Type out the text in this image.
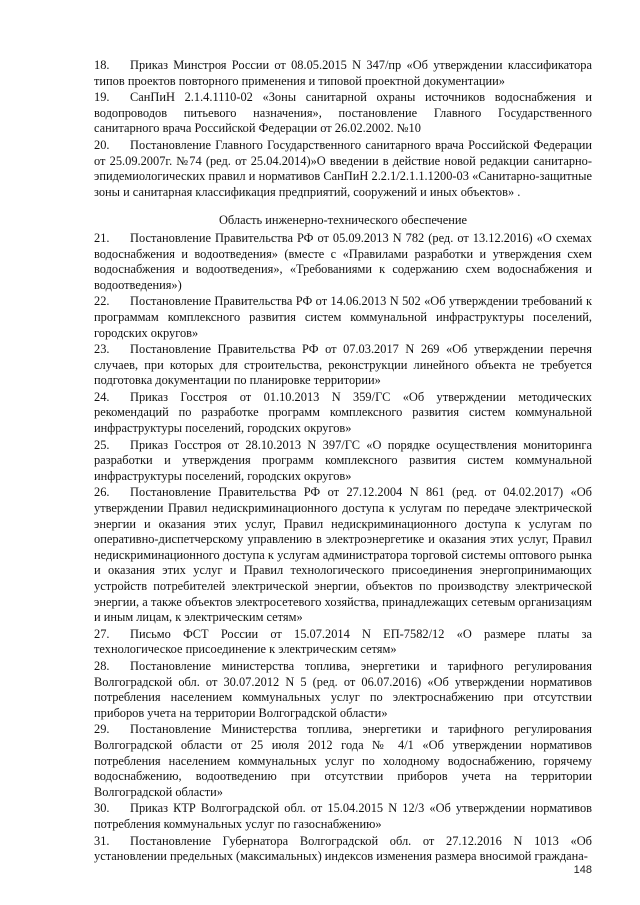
18. Приказ Минстроя России от 08.05.2015 N 347/пр «Об утверждении классификатора типов проектов повторного применения и типовой проектной документации»
19. СанПиН 2.1.4.1110-02 «Зоны санитарной охраны источников водоснабжения и водопроводов питьевого назначения», постановление Главного Государственного санитарного врача Российской Федерации от 26.02.2002. №10
20. Постановление Главного Государственного санитарного врача Российской Федерации от 25.09.2007г. №74 (ред. от 25.04.2014)»О введении в действие новой редакции санитарно-эпидемиологических правил и нормативов СанПиН 2.2.1/2.1.1.1200-03 «Санитарно-защитные зоны и санитарная классификация предприятий, сооружений и иных объектов» .
Область инженерно-технического обеспечение
21. Постановление Правительства РФ от 05.09.2013 N 782 (ред. от 13.12.2016) «О схемах водоснабжения и водоотведения» (вместе с «Правилами разработки и утверждения схем водоснабжения и водоотведения», «Требованиями к содержанию схем водоснабжения и водоотведения»)
22. Постановление Правительства РФ от 14.06.2013 N 502 «Об утверждении требований к программам комплексного развития систем коммунальной инфраструктуры поселений, городских округов»
23. Постановление Правительства РФ от 07.03.2017 N 269 «Об утверждении перечня случаев, при которых для строительства, реконструкции линейного объекта не требуется подготовка документации по планировке территории»
24. Приказ Госстроя от 01.10.2013 N 359/ГС «Об утверждении методических рекомендаций по разработке программ комплексного развития систем коммунальной инфраструктуры поселений, городских округов»
25. Приказ Госстроя от 28.10.2013 N 397/ГС «О порядке осуществления мониторинга разработки и утверждения программ комплексного развития систем коммунальной инфраструктуры поселений, городских округов»
26. Постановление Правительства РФ от 27.12.2004 N 861 (ред. от 04.02.2017) «Об утверждении Правил недискриминационного доступа к услугам по передаче электрической энергии и оказания этих услуг, Правил недискриминационного доступа к услугам по оперативно-диспетчерскому управлению в электроэнергетике и оказания этих услуг, Правил недискриминационного доступа к услугам администратора торговой системы оптового рынка и оказания этих услуг и Правил технологического присоединения энергопринимающих устройств потребителей электрической энергии, объектов по производству электрической энергии, а также объектов электросетевого хозяйства, принадлежащих сетевым организациям и иным лицам, к электрическим сетям»
27. Письмо ФСТ России от 15.07.2014 N ЕП-7582/12 «О размере платы за технологическое присоединение к электрическим сетям»
28. Постановление министерства топлива, энергетики и тарифного регулирования Волгоградской обл. от 30.07.2012 N 5 (ред. от 06.07.2016) «Об утверждении нормативов потребления населением коммунальных услуг по электроснабжению при отсутствии приборов учета на территории Волгоградской области»
29. Постановление Министерства топлива, энергетики и тарифного регулирования Волгоградской области от 25 июля 2012 года № 4/1 «Об утверждении нормативов потребления населением коммунальных услуг по холодному водоснабжению, горячему водоснабжению, водоотведению при отсутствии приборов учета на территории Волгоградской области»
30. Приказ КТР Волгоградской обл. от 15.04.2015 N 12/3 «Об утверждении нормативов потребления коммунальных услуг по газоснабжению»
31. Постановление Губернатора Волгоградской обл. от 27.12.2016 N 1013 «Об установлении предельных (максимальных) индексов изменения размера вносимой граждана-
148
